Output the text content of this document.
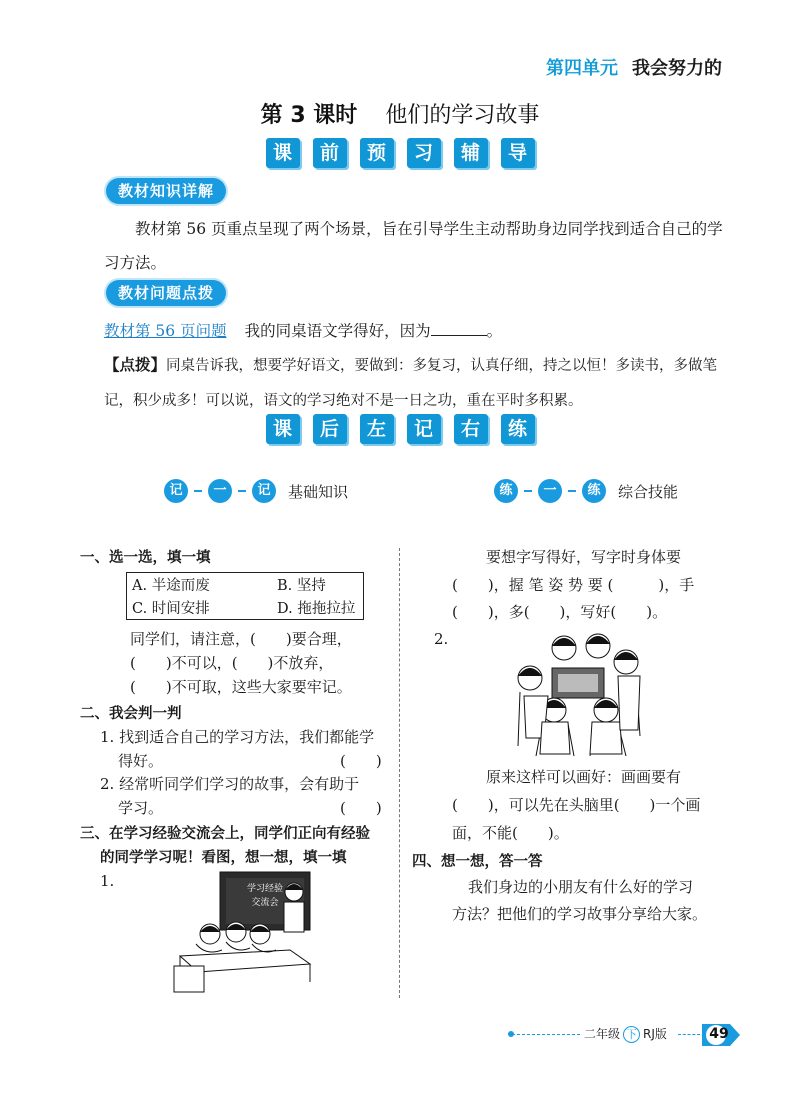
第四单元 我会努力的
第 3 课时 他们的学习故事
课	前	预	习	辅	导
教材知识详解
教材第 56 页重点呈现了两个场景，旨在引导学生主动帮助身边同学找到适合自己的学习方法。
教材问题点拨
教材第 56 页问题 我的同桌语文学得好，因为	。
【点拨】同桌告诉我，想要学好语文，要做到：多复习，认真仔细，持之以恒！多读书，多做笔记，积少成多！可以说，语文的学习绝对不是一日之功，重在平时多积累。
课	后	左	记	右	练
记	一	记	基础知识	练	一	练	综合技能
一、选一选，填一填
A. 半途而废	B. 坚持
C. 时间安排	D. 拖拖拉拉
同学们，请注意，(　　)要合理，
(　　)不可以，(　　)不放弃，
(　　)不可取，这些大家要牢记。
二、我会判一判
1. 找到适合自己的学习方法，我们都能学
得好。	(　　)
2. 经常听同学们学习的故事，会有助于
学习。	(　　)
三、在学习经验交流会上，同学们正向有经验
的同学学习呢！看图，想一想，填一填
1.	学习经验
交流会
要想字写得好，写字时身体要
(　　)，握 笔 姿 势 要 (　　　)，手
(　　)，多(　　)，写好(　　)。
2.
原来这样可以画好：画画要有
(　　)，可以先在头脑里(　　)一个画
面，不能(　　)。
四、想一想，答一答
我们身边的小朋友有什么好的学习
方法？把他们的学习故事分享给大家。
二年级 下 RJ版	49
